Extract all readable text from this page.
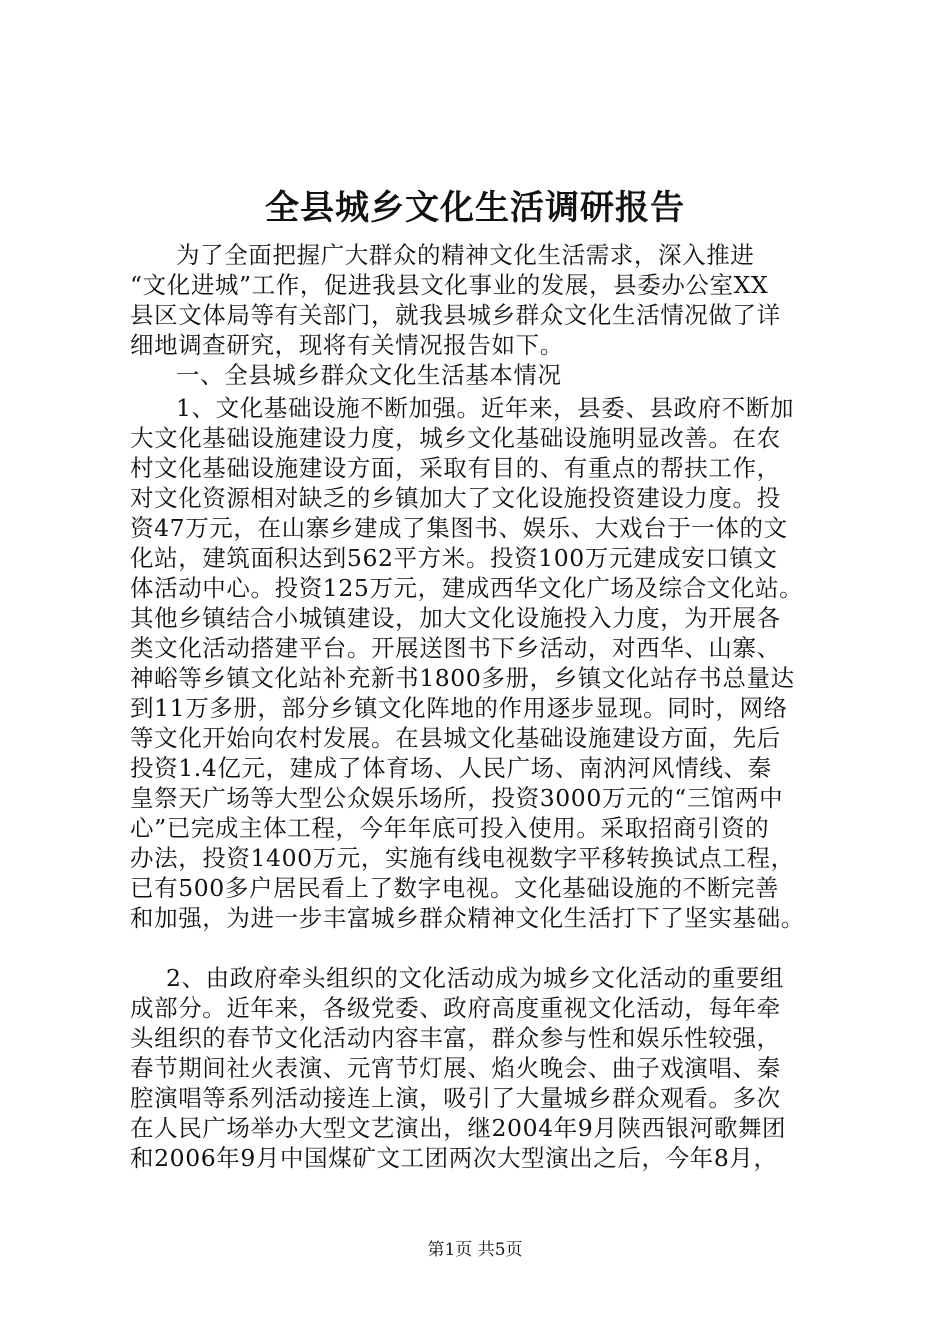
全县城乡文化生活调研报告
为了全面把握广大群众的精神文化生活需求，深入推进
“文化进城”工作，促进我县文化事业的发展，县委办公室XX
县区文体局等有关部门，就我县城乡群众文化生活情况做了详
细地调查研究，现将有关情况报告如下。
一、全县城乡群众文化生活基本情况
1、文化基础设施不断加强。近年来，县委、县政府不断加
大文化基础设施建设力度，城乡文化基础设施明显改善。在农
村文化基础设施建设方面，采取有目的、有重点的帮扶工作，
对文化资源相对缺乏的乡镇加大了文化设施投资建设力度。投
资47万元，在山寨乡建成了集图书、娱乐、大戏台于一体的文
化站，建筑面积达到562平方米。投资100万元建成安口镇文
体活动中心。投资125万元，建成西华文化广场及综合文化站。
其他乡镇结合小城镇建设，加大文化设施投入力度，为开展各
类文化活动搭建平台。开展送图书下乡活动，对西华、山寨、
神峪等乡镇文化站补充新书1800多册，乡镇文化站存书总量达
到11万多册，部分乡镇文化阵地的作用逐步显现。同时，网络
等文化开始向农村发展。在县城文化基础设施建设方面，先后
投资1.4亿元，建成了体育场、人民广场、南汭河风情线、秦
皇祭天广场等大型公众娱乐场所，投资3000万元的“三馆两中
心”已完成主体工程，今年年底可投入使用。采取招商引资的
办法，投资1400万元，实施有线电视数字平移转换试点工程，
已有500多户居民看上了数字电视。文化基础设施的不断完善
和加强，为进一步丰富城乡群众精神文化生活打下了坚实基础。
2、由政府牵头组织的文化活动成为城乡文化活动的重要组
成部分。近年来，各级党委、政府高度重视文化活动，每年牵
头组织的春节文化活动内容丰富，群众参与性和娱乐性较强，
春节期间社火表演、元宵节灯展、焰火晚会、曲子戏演唱、秦
腔演唱等系列活动接连上演，吸引了大量城乡群众观看。多次
在人民广场举办大型文艺演出，继2004年9月陕西银河歌舞团
和2006年9月中国煤矿文工团两次大型演出之后，今年8月，
第1页 共5页
